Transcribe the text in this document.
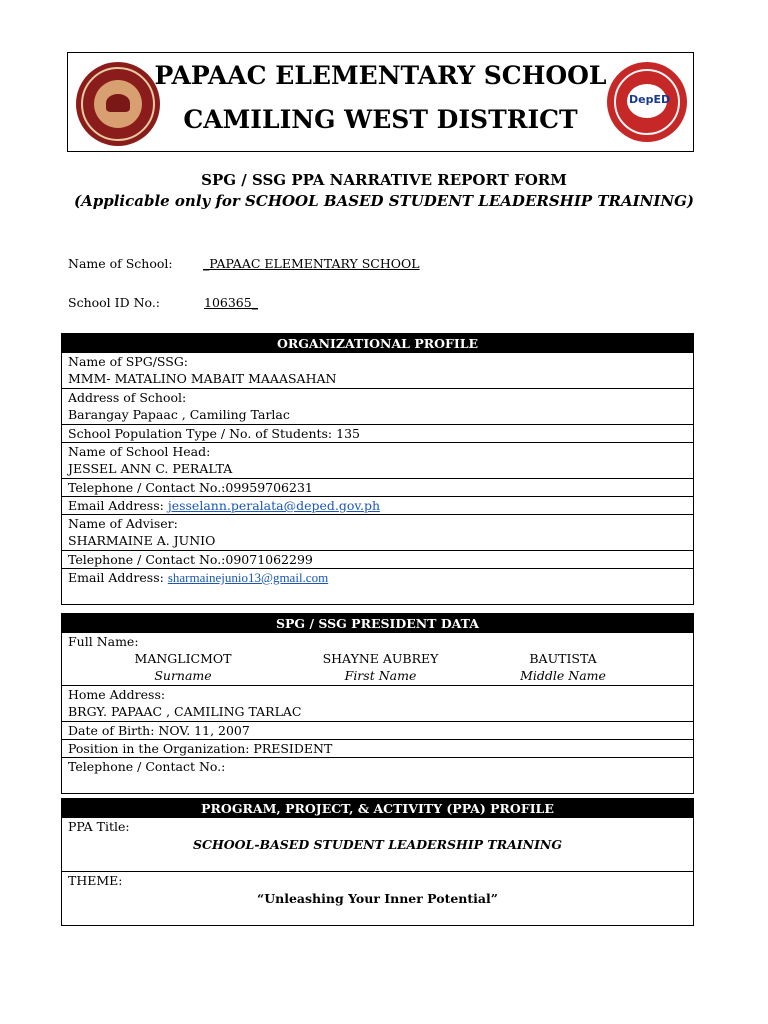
PAPAAC ELEMENTARY SCHOOL
CAMILING WEST DISTRICT
DepED
SPG / SSG PPA NARRATIVE REPORT FORM
(Applicable only for SCHOOL BASED STUDENT LEADERSHIP TRAINING)
Name of School: _PAPAAC ELEMENTARY SCHOOL
School ID No.:	106365_
ORGANIZATIONAL PROFILE

Name of SPG/SSG:
MMM- MATALINO MABAIT MAAASAHAN

Address of School:
Barangay Papaac , Camiling Tarlac

School Population Type / No. of Students: 135

Name of School Head:
JESSEL ANN C. PERALTA

Telephone / Contact No.:09959706231
Email Address: jesselann.peralata@deped.gov.ph

Name of Adviser:
SHARMAINE A. JUNIO

Telephone / Contact No.:09071062299
Email Address: sharmainejunio13@gmail.com
SPG / SSG PRESIDENT DATA

Full Name:
MANGLICMOT	SHAYNE AUBREY	BAUTISTA
Surname	First Name	Middle Name

Home Address:
BRGY. PAPAAC , CAMILING TARLAC

Date of Birth: NOV. 11, 2007
Position in the Organization: PRESIDENT
Telephone / Contact No.:
PROGRAM, PROJECT, & ACTIVITY (PPA) PROFILE

PPA Title:
SCHOOL-BASED STUDENT LEADERSHIP TRAINING

THEME:
“Unleashing Your Inner Potential”
